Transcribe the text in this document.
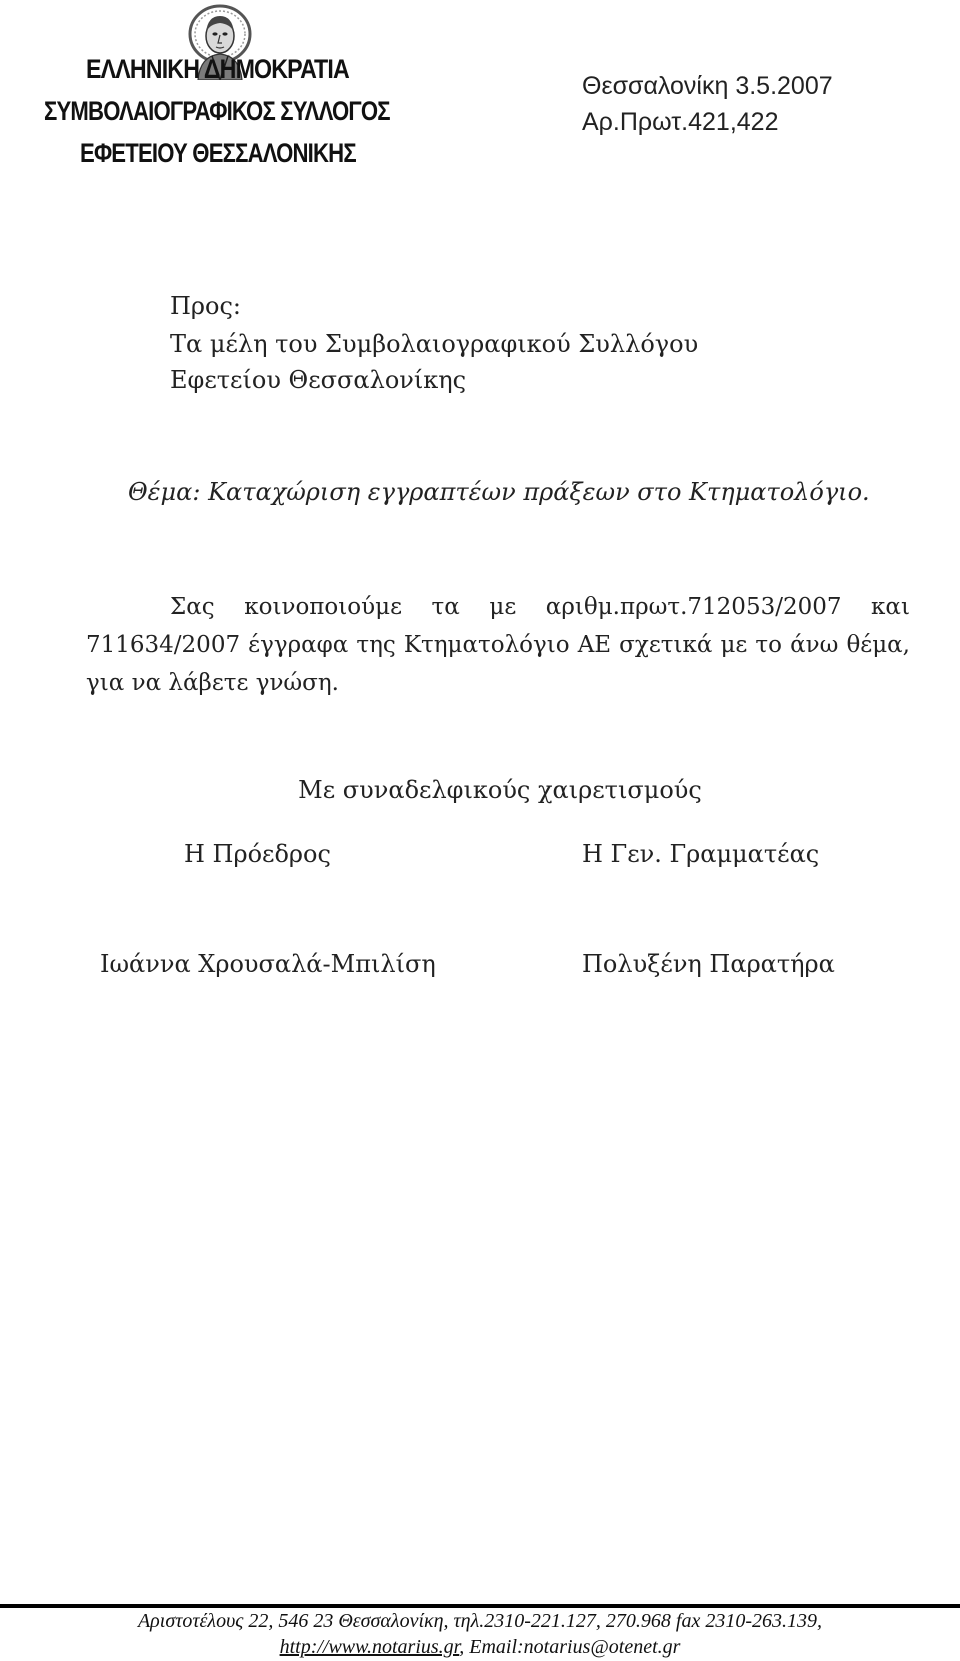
ΕΛΛΗΝΙΚΗ ΔΗΜΟΚΡΑΤΙΑ
ΣΥΜΒΟΛΑΙΟΓΡΑΦΙΚΟΣ ΣΥΛΛΟΓΟΣ
ΕΦΕΤΕΙΟΥ ΘΕΣΣΑΛΟΝΙΚΗΣ
Θεσσαλονίκη 3.5.2007
Αρ.Πρωτ.421,422
Προς:
Τα μέλη του Συμβολαιογραφικού Συλλόγου
Εφετείου Θεσσαλονίκης
Θέμα: Καταχώριση εγγραπτέων πράξεων στο Κτηματολόγιο.

Σας κοινοποιούμε τα με αριθμ.πρωτ.712053/2007 και 711634/2007 έγγραφα της Κτηματολόγιο ΑΕ σχετικά με το άνω θέμα, για να λάβετε γνώση.

Με συναδελφικούς χαιρετισμούς
Η Πρόεδρος	Η Γεν. Γραμματέας
Ιωάννα Χρουσαλά-Μπιλίση	Πολυξένη Παρατήρα
Αριστοτέλους 22, 546 23 Θεσσαλονίκη, τηλ.2310-221.127, 270.968 fax 2310-263.139,
http://www.notarius.gr, Email:notarius@otenet.gr
